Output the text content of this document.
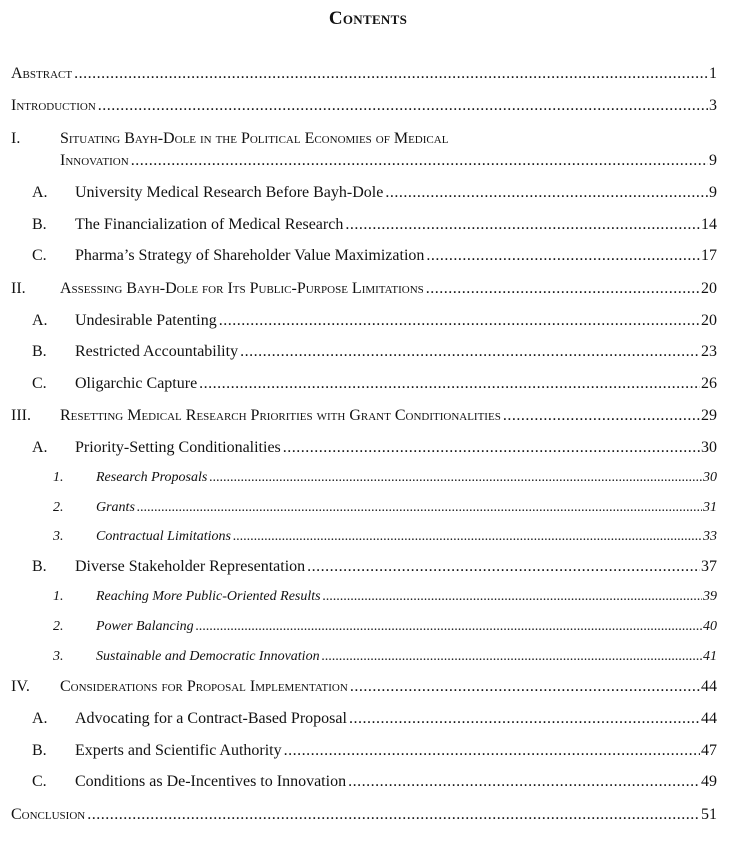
Contents
Abstract .....	1
Introduction .....	3
I. Situating Bayh-Dole in the Political Economies of Medical
Innovation .....	9
A.	University Medical Research Before Bayh-Dole .....	9
B.	The Financialization of Medical Research .....	14
C.	Pharma’s Strategy of Shareholder Value Maximization .....	17
II.	Assessing Bayh-Dole for Its Public-Purpose Limitations .....	20
A.	Undesirable Patenting .....	20
B.	Restricted Accountability .....	23
C.	Oligarchic Capture .....	26
III.	Resetting Medical Research Priorities with Grant Conditionalities .....	29
A.	Priority-Setting Conditionalities .....	30
1.	Research Proposals .....	30
2.	Grants .....	31
3.	Contractual Limitations .....	33
B.	Diverse Stakeholder Representation .....	37
1.	Reaching More Public-Oriented Results .....	39
2.	Power Balancing .....	40
3.	Sustainable and Democratic Innovation .....	41
IV.	Considerations for Proposal Implementation .....	44
A.	Advocating for a Contract-Based Proposal .....	44
B.	Experts and Scientific Authority .....	47
C.	Conditions as De-Incentives to Innovation .....	49
Conclusion .....	51
